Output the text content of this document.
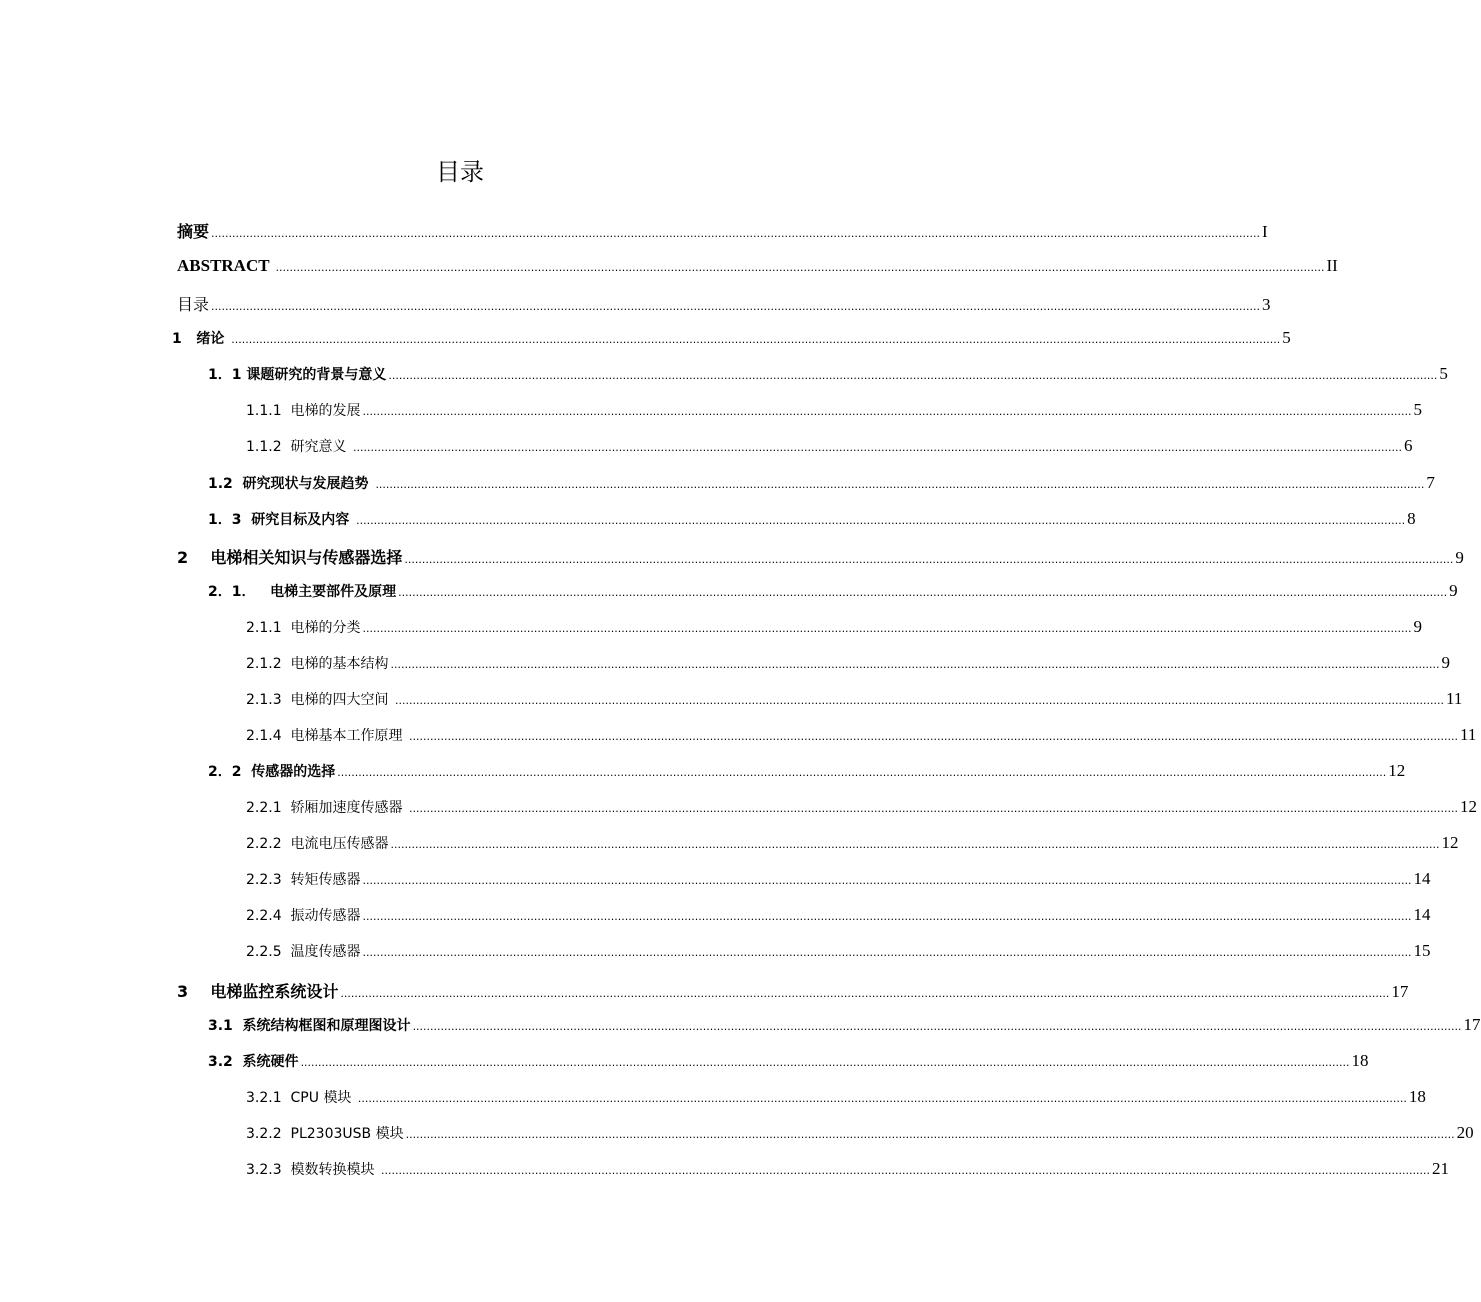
目录
摘要 ............................................................................................................................................................................................................................................................................................................ I
ABSTRACT ............................................................................................................................................................................................................................................................................................................ II
目录 ............................................................................................................................................................................................................................................................................................................ 3
1   绪论 ............................................................................................................................................................................................................................................................................................................ 5
1．1 课题研究的背景与意义 ............................................................................................................................................................................................................................................................................................................ 5
1.1.1  电梯的发展 ............................................................................................................................................................................................................................................................................................................ 5
1.1.2  研究意义 ............................................................................................................................................................................................................................................................................................................ 6
1.2  研究现状与发展趋势 ............................................................................................................................................................................................................................................................................................................ 7
1．3  研究目标及内容 ............................................................................................................................................................................................................................................................................................................ 8
2    电梯相关知识与传感器选择 ............................................................................................................................................................................................................................................................................................................ 9
2．1．   电梯主要部件及原理 ............................................................................................................................................................................................................................................................................................................ 9
2.1.1  电梯的分类 ............................................................................................................................................................................................................................................................................................................ 9
2.1.2  电梯的基本结构 ............................................................................................................................................................................................................................................................................................................ 9
2.1.3  电梯的四大空间 ............................................................................................................................................................................................................................................................................................................ 11
2.1.4  电梯基本工作原理 ............................................................................................................................................................................................................................................................................................................ 11
2．2  传感器的选择 ............................................................................................................................................................................................................................................................................................................ 12
2.2.1  轿厢加速度传感器 ............................................................................................................................................................................................................................................................................................................ 12
2.2.2  电流电压传感器 ............................................................................................................................................................................................................................................................................................................ 12
2.2.3  转矩传感器 ............................................................................................................................................................................................................................................................................................................ 14
2.2.4  振动传感器 ............................................................................................................................................................................................................................................................................................................ 14
2.2.5  温度传感器 ............................................................................................................................................................................................................................................................................................................ 15
3    电梯监控系统设计 ............................................................................................................................................................................................................................................................................................................ 17
3.1  系统结构框图和原理图设计 ............................................................................................................................................................................................................................................................................................................ 17
3.2  系统硬件 ............................................................................................................................................................................................................................................................................................................ 18
3.2.1  CPU 模块 ............................................................................................................................................................................................................................................................................................................ 18
3.2.2  PL2303USB 模块 ............................................................................................................................................................................................................................................................................................................ 20
3.2.3  模数转换模块 ............................................................................................................................................................................................................................................................................................................ 21
